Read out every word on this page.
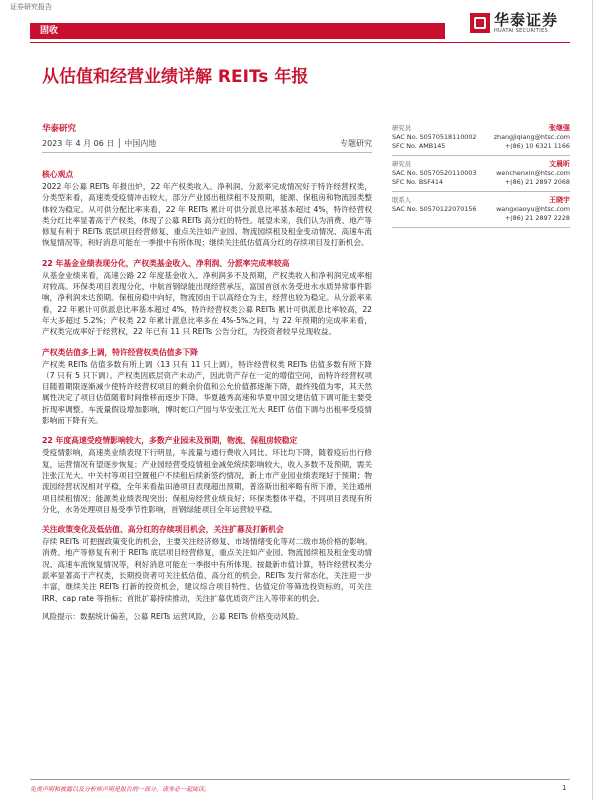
证券研究报告
华泰证券
HUATAI SECURITIES
固收
从估值和经营业绩详解 REITs 年报
华泰研究
2023 年 4 月 06 日 │ 中国内地	专题研究
核心观点
2022 年公募 REITs 年报出炉，22 年产权类收入、净利润、分派率完成情况好于特许经营权类，分类型来看，高速类受疫情冲击较大，部分产业园出租续租不及预期，能源、保租房和物流园类整体较为稳定。从可供分配比率来看，22 年 REITs 累计可供分派息比率基本超过 4%，特许经营权类分红比率显著高于产权类，体现了公募 REITs 高分红的特性。展望未来，我们认为消费、地产等修复有利于 REITs 底层项目经营修复，重点关注如产业园、物流园续租及租金变动情况、高速车流恢复情况等，利好消息可能在一季报中有所体现；继续关注低估值高分红的存续项目及打新机会。
22 年基金业绩表现分化，产权类基金收入、净利润、分派率完成率较高
从基金业绩来看，高速公路 22 年度基金收入、净利润多不及预期，产权类收入和净利润完成率相对较高。环保类项目表现分化，中航首钢绿能出现经营承压，富国首创水务受进水水质异常事件影响，净利润未达预期。保租房稳中向好，物流园由于以高经仓为主，经营也较为稳定。从分派率来看，22 年累计可供派息比率基本超过 4%，特许经营权类公募 REITs 累计可供派息比率较高，22 年大多超过 5.2%；产权类 22 年累计派息比率多在 4%-5%之间，与 22 年预期的完成率来看，产权类完成率好于经营权，22 年已有 11 只 REITs 公告分红，为投资者较早兑现收益。
产权类估值多上调，特许经营权类估值多下降
产权类 REITs 估值多数有所上调（13 只有 11 只上调），特许经营权类 REITs 估值多数有所下降（7 只有 5 只下调）。产权类因底层资产未动产，因此资产存在一定的增值空间，而特许经营权项目随着期限逐渐减少使特许经营权项目的剩余价值和公允价值都逐渐下降，最终残值为零，其天然属性决定了项目估值随着时间推移而逐步下降。华夏越秀高速和华夏中国交建估值下调可能主要受折现率调整、车流量假设增加影响，博时蛇口产园与华安张江光大 REIT 估值下调与出租率受疫情影响而下降有关。
22 年度高速受疫情影响较大，多数产业园未及预期，物流、保租房较稳定
受疫情影响，高速类业绩表现下行明显，车流量与通行费收入同比、环比均下降，随着疫后出行修复，运营情况有望逐步恢复；产业园经营受疫情租金减免统续影响较大，收入多数不及预期，需关注张江光大、中关村等项目空置租户不续租后续新签约情况，新上市产业园业绩表现好于预期；物流园经营状况相对平稳，全年来看盐田港项目表现超出预期，普洛斯出租率略有所下滑，关注通州项目续租情况；能源类业绩表现突出；保租房经营业绩良好；环保类整体平稳，不同项目表现有所分化，水务处理项目易受季节性影响，首钢绿能项目全年运营较平稳。
关注政策变化及低估值、高分红的存续项目机会，关注扩募及打新机会
存续 REITs 可把握政策变化的机会，主要关注经济修复、市场情绪变化等对二级市场价格的影响。消费、地产等修复有利于 REITs 底层项目经营修复，重点关注如产业园、物流园续租及租金变动情况、高速车流恢复情况等，利好消息可能在一季报中有所体现。按最新市值计算，特许经营权类分派率显著高于产权类，长期投资者可关注低估值、高分红的机会。REITs 发行常态化，关注迎一步丰富，继续关注 REITs 打新的投资机会，建议综合项目特性、估值定价等筛选投资标的，可关注 IRR、cap rate 等指标；首批扩募持续推动，关注扩募优质资产注入等带来的机会。
风险提示：数据统计偏差，公募 REITs 运营风险，公募 REITs 价格变动风险。
研究员	张继强
SAC No. S0570518110002	zhangjiqiang@htsc.com
SFC No. AMB145	+(86) 10 6321 1166
研究员	文晨昕
SAC No. S0570520110003	wenchenxin@htsc.com
SFC No. BSF414	+(86) 21 2897 2068
联系人	王晓宇
SAC No. S0570122070156	wangxiaoyu@htsc.com
+(86) 21 2897 2228
免责声明和披露以及分析师声明是报告的一部分，请务必一起阅读。	1
